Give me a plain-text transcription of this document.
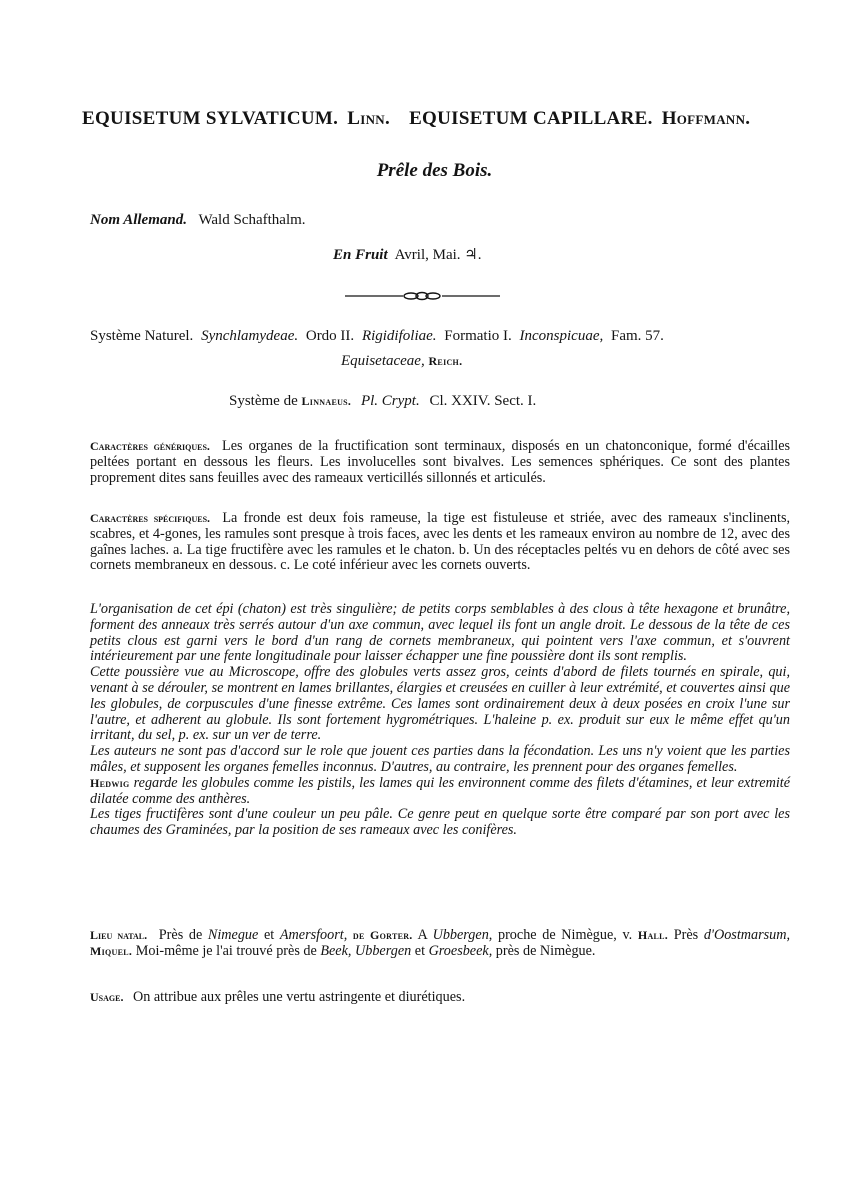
EQUISETUM SYLVATICUM. Linn. EQUISETUM CAPILLARE. Hoffmann.
Prêle des Bois.
Nom Allemand. Wald Schafthalm.
En Fruit Avril, Mai. ♃.
Système Naturel. Synchlamydeae. Ordo II. Rigidifoliae. Formatio I. Inconspicuae, Fam. 57.
Equisetaceae, Reich.
Système de Linnaeus. Pl. Crypt. Cl. XXIV. Sect. I.

Caractères génériques. Les organes de la fructification sont terminaux, disposés en un chatonconique, formé d'écailles peltées portant en dessous les fleurs. Les involucelles sont bivalves. Les semences sphériques. Ce sont des plantes proprement dites sans feuilles avec des rameaux verticillés sillonnés et articulés.

Caractères spécifiques. La fronde est deux fois rameuse, la tige est fistuleuse et striée, avec des rameaux s'inclinents, scabres, et 4-gones, les ramules sont presque à trois faces, avec les dents et les rameaux environ au nombre de 12, avec des gaînes laches. a. La tige fructifère avec les ramules et le chaton. b. Un des réceptacles peltés vu en dehors de côté avec ses cornets membraneux en dessous. c. Le coté inférieur avec les cornets ouverts.

L'organisation de cet épi (chaton) est très singulière; de petits corps semblables à des clous à tête hexagone et brunâtre, forment des anneaux très serrés autour d'un axe commun, avec lequel ils font un angle droit. Le dessous de la tête de ces petits clous est garni vers le bord d'un rang de cornets membraneux, qui pointent vers l'axe commun, et s'ouvrent intérieurement par une fente longitudinale pour laisser échapper une fine poussière dont ils sont remplis.

Cette poussière vue au Microscope, offre des globules verts assez gros, ceints d'abord de filets tournés en spirale, qui, venant à se dérouler, se montrent en lames brillantes, élargies et creusées en cuiller à leur extrémité, et couvertes ainsi que les globules, de corpuscules d'une finesse extrême. Ces lames sont ordinairement deux à deux posées en croix l'une sur l'autre, et adherent au globule. Ils sont fortement hygrométriques. L'haleine p. ex. produit sur eux le même effet qu'un irritant, du sel, p. ex. sur un ver de terre.

Les auteurs ne sont pas d'accord sur le role que jouent ces parties dans la fécondation. Les uns n'y voient que les parties mâles, et supposent les organes femelles inconnus. D'autres, au contraire, les prennent pour des organes femelles.

Hedwig regarde les globules comme les pistils, les lames qui les environnent comme des filets d'étamines, et leur extremité dilatée comme des anthères.

Les tiges fructifères sont d'une couleur un peu pâle. Ce genre peut en quelque sorte être comparé par son port avec les chaumes des Graminées, par la position de ses rameaux avec les conifères.

Lieu natal. Près de Nimegue et Amersfoort, de Gorter. A Ubbergen, proche de Nimègue, v. Hall. Près d'Oostmarsum, Miquel. Moi-même je l'ai trouvé près de Beek, Ubbergen et Groesbeek, près de Nimègue.

Usage. On attribue aux prêles une vertu astringente et diurétiques.
